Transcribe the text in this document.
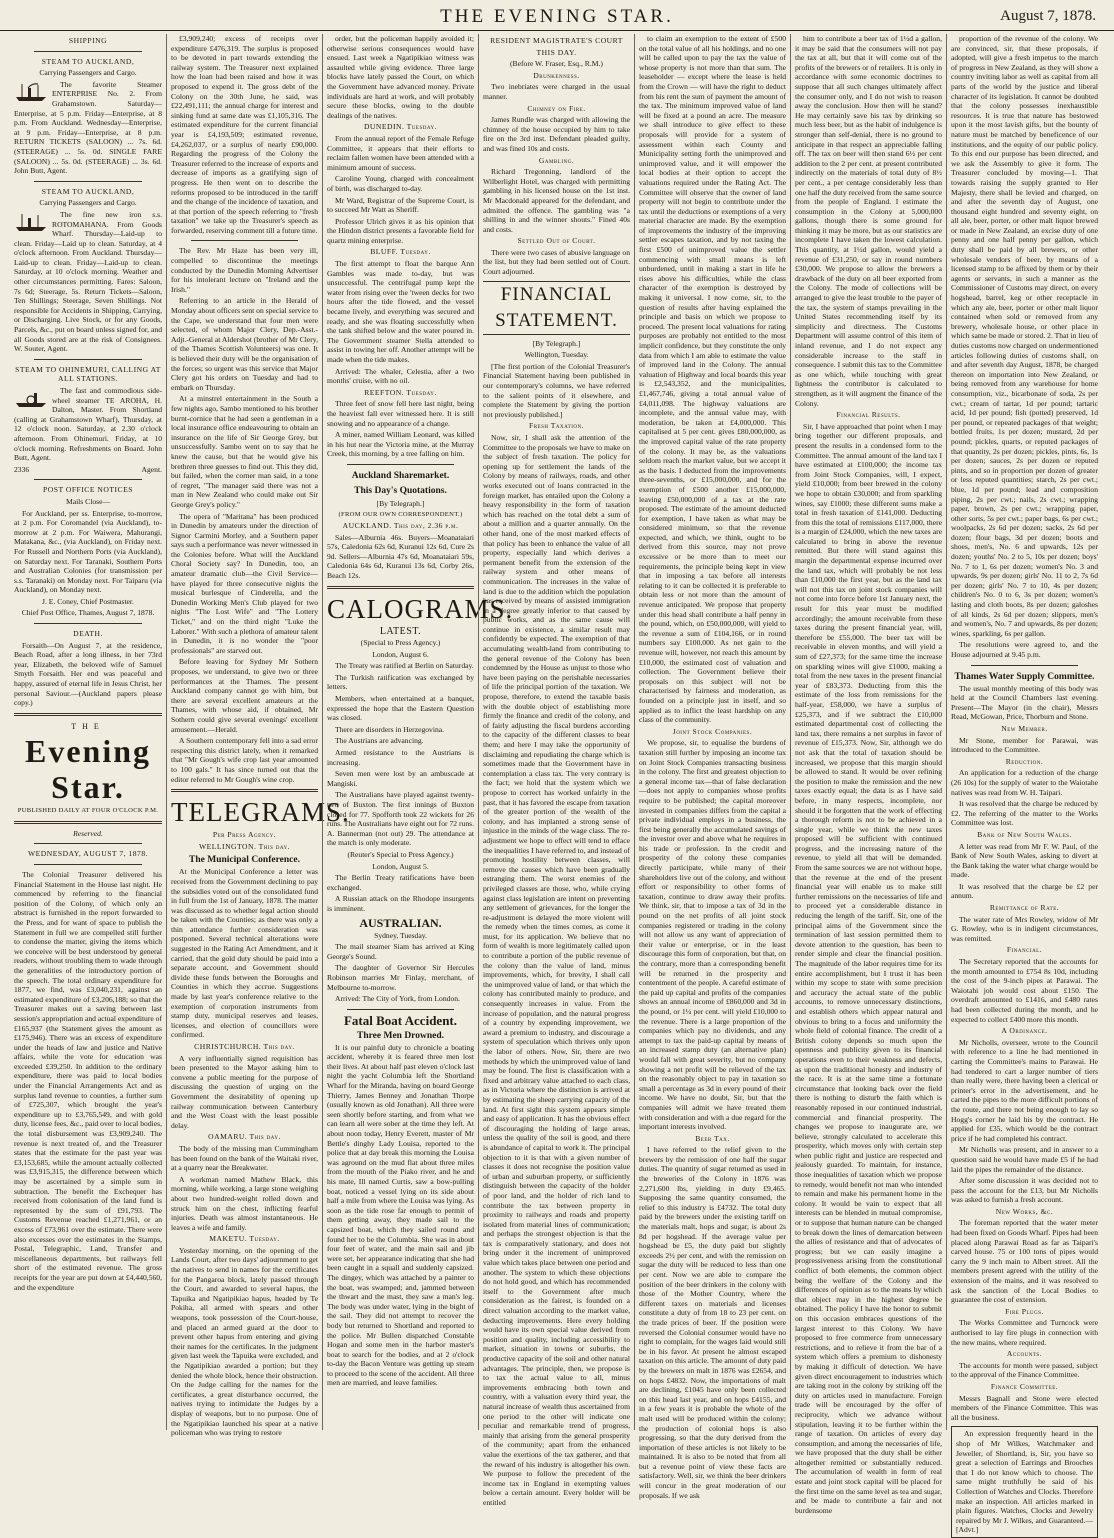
THE EVENING STAR.	August 7, 1878.
SHIPPING
STEAM TO AUCKLAND,
Carrying Passengers and Cargo.

The favorite Steamer ENTERPRISE No. 2. From Grahamstown. Saturday—Enterprise, at 5 p.m. Friday—Enterprise, at 8 p.m. From Auckland. Wednesday—Enterprise, at 9 p.m. Friday—Enterprise, at 8 p.m. RETURN TICKETS (SALOON) ... 7s. 6d. (STEERAGE) ... 5s. 0d. SINGLE FARE (SALOON) ... 5s. 0d. (STEERAGE) ... 3s. 6d. John Butt, Agent.

STEAM TO AUCKLAND,
Carrying Passengers and Cargo.

The fine new iron s.s. ROTOMAHANA. From Goods Wharf. Thursday—Laid-up to clean. Friday—Laid up to clean. Saturday, at 4 o'clock afternoon. From Auckland. Thursday—Laid-up to clean. Friday—Laid-up to clean. Saturday, at 10 o'clock morning. Weather and other circumstances permitting. Fares: Saloon, 7s 6d; Steerage, 5s. Return Tickets—Saloon, Ten Shillings; Steerage, Seven Shillings. Not responsible for Accidents in Shipping, Carrying, or Discharging. Live Stock, or for any Goods, Parcels, &c., put on board unless signed for, and all Goods stored are at the risk of Consignees. W. Souter, Agent.

STEAM TO OHINEMURI, CALLING AT ALL STATIONS.

The fast and commodious side-wheel steamer TE AROHA, H. Dalton, Master. From Shortland (calling at Grahamstown Wharf), Thursday, at 12 o'clock noon. Saturday, at 2.30 o'clock afternoon. From Ohinemuri. Friday, at 10 o'clock morning. Refreshments on Board. John Butt, Agent.

2336	Agent.
POST OFFICE NOTICES
Mails Close—

For Auckland, per ss. Enterprise, to-morrow, at 2 p.m. For Coromandel (via Auckland), to-morrow at 2 p.m. For Waiwera, Mahurangi, Matakana, &c., (via Auckland), on Friday next. For Russell and Northern Ports (via Auckland), on Saturday next. For Taranaki, Southern Ports and Australian Colonies (for transmission per s.s. Taranaki) on Monday next. For Taiparu (via Auckland), on Monday next.

J. E. Coney, Chief Postmaster.
Chief Post Office, Thames, August 7, 1878.
DEATH.

Forsaith—On August 7, at the residence, Beach Road, after a long illness, in her 73rd year, Elizabeth, the beloved wife of Samuel Smyth Forsaith. Her end was peaceful and happy, assured of eternal life in Jesus Christ, her personal Saviour.—(Auckland papers please copy.)

THE
Evening Star.
PUBLISHED DAILY AT FOUR O'CLOCK P.M.
Reserved.
WEDNESDAY, AUGUST 7, 1878.

The Colonial Treasurer delivered his Financial Statement in the House last night. He commenced by referring to the financial position of the Colony, of which only an abstract is furnished in the report forwarded to the Press, and for want of space to publish the Statement in full we are compelled still further to condense the matter, giving the items which we conceive will be best understood by general readers, without troubling them to wade through the generalities of the introductory portion of the speech. The total ordinary expenditure for 1877, we find, was £3,040,231, against an estimated expenditure of £3,206,188; so that the Treasurer makes out a saving between last session's appropriation and actual expenditure of £165,937 (the Statement gives the amount as £175,946). There was an excess of expenditure under the heads of law and justice and Native affairs, while the vote for education was exceeded £39,250. In addition to the ordinary expenditure, there was paid to local bodies under the Financial Arrangements Act and as surplus land revenue to counties, a further sum of £725,307, which brought the year's expenditure up to £3,765,549, and with gold duty, license fees, &c., paid over to local bodies, the total disbursement was £3,909,240. The revenue is next treated of, and the Treasurer states that the estimate for the past year was £3,153,685, while the amount actually collected was £3,915,315, the difference between which may be ascertained by a simple sum in subtraction. The benefit the Exchequer has received from colonisation of the land fund is represented by the sum of £91,793. The Customs Revenue reached £1,271,961, or an excess of £73,961 over the estimate. There were also excesses over the estimates in the Stamps, Postal, Telegraphic, Land, Transfer and miscellaneous departments, but railways fell short of the estimated revenue. The gross receipts for the year are put down at £4,440,560, and the expenditure

£3,909,240; excess of receipts over expenditure £476,319. The surplus is proposed to be devoted in part towards extending the railway system. The Treasurer next explained how the loan had been raised and how it was proposed to expend it. The gross debt of the Colony on the 30th June, he said, was £22,491,111; the annual charge for interest and sinking fund at same date was £1,105,316. The estimated expenditure for the current financial year is £4,193,509; estimated revenue, £4,262,037, or a surplus of nearly £90,000. Regarding the progress of the Colony the Treasurer referred to the increase of exports and decrease of imports as a gratifying sign of progress. He then went on to describe the reforms proposed to be introduced in the tariff and the change of the incidence of taxation, and at that portion of the speech referring to "fresh taxation" we take up the Treasurer's speech as forwarded, reserving comment till a future time.

The Rev. Mr Haze has been very ill, compelled to discontinue the meetings conducted by the Dunedin Morning Advertiser for his intolerant lecture on "Ireland and the Irish."

Referring to an article in the Herald of Monday about officers sent on special service to the Cape, we understand that four men were selected, of whom Major Clery, Dep.-Asst.-Adjt.-General at Aldershot (brother of Mr Clery, of the Thames Scottish Volunteers) was one. It is believed their duty will be the organisation of the forces; so urgent was this service that Major Clery got his orders on Tuesday and had to embark on Thursday.

At a minstrel entertainment in the South a few nights ago, Sambo mentioned to his brother burnt-cornice that he had seen a gentleman in a local insurance office endeavouring to obtain an insurance on the life of Sir George Grey, but unsuccessfully. Sambo went on to say that he knew the cause, but that he would give his brethren three guesses to find out. This they did, but failed, when the corner man said, in a tone of regret, "The manager said there was not a man in New Zealand who could make out Sir George Grey's policy."

The opera of "Maritana" has been produced in Dunedin by amateurs under the direction of Signor Carmini Morley, and a Southern paper says such a performance was never witnessed in the Colonies before. What will the Auckland Choral Society say? In Dunedin, too, an amateur dramatic club—the Civil Service—have played for three consecutive nights the musical burlesque of Cinderella, and the Dunedin Working Men's Club played for two nights "The Lost Wife" and "The Lottery Ticket," and on the third night "Luke the Laborer." With such a plethora of amateur talent in Dunedin, it is no wonder the "poor professionals" are starved out.

Before leaving for Sydney Mr Sothern proposes, we understand, to give two or three performances at the Thames. The present Auckland company cannot go with him, but there are several excellent amateurs at the Thames, with whose aid, if obtained, Mr Sothern could give several evenings' excellent amusement.—Herald.

A Southern contemporary fell into a sad error respecting this district lately, when it remarked that "Mr Gough's wife crop last year amounted to 100 gals." It has since turned out that the editor referred to Mr Gough's wine crop.

TELEGRAMS.
Per Press Agency.
WELLINGTON. This day.
The Municipal Conference.

At the Municipal Conference a letter was received from the Government declining to pay the subsidies voted out of the consolidated fund in full from the 1st of January, 1878. The matter was discussed as to whether legal action should be taken with the Counties; as there was only a thin attendance further consideration was postponed. Several technical alterations were suggested in the Rating Act Amendment, and it carried, that the gold duty should be paid into a separate account, and Government should divide these funds between the Boroughs and Counties in which they accrue. Suggestions made by last year's conference relative to the exemption of corporation instruments from stamp duty, municipal reserves and leases, licenses, and election of councillors were confirmed.

CHRISTCHURCH. This day.

A very influentially signed requisition has been presented to the Mayor asking him to convene a public meeting for the purpose of discussing the question of urging on the Government the desirability of opening up railway communication between Canterbury and the West Coast with the least possible delay.

OAMARU. This day.

The body of the missing man Cummingham has been found on the bank of the Waitaki river, at a quarry near the Breakwater.

A workman named Mathew Black, this morning, while working, a large stone weighing about two hundred-weight rolled down and struck him on the chest, inflicting fearful injuries. Death was almost instantaneous. He leaves a wife and family.

MAKETU. Tuesday.

Yesterday morning, on the opening of the Lands Court, after two days' adjournment to get the natives to send in names for the certificates for the Pangaroa block, lately passed through the Court, and awarded to several hapus, the Tapuika and Ngatipikiao hapus, headed by Te Pokiha, all armed with spears and other weapons, took possession of the Court-house, and placed an armed guard at the door to prevent other hapus from entering and giving their names for the certificates. In the judgment given last week the Tapuika were excluded, and the Ngatipikiao awarded a portion; but they denied the whole block, hence their obstruction. On the Judge calling for the names for the certificates, a great disturbance occurred, the natives trying to intimidate the Judges by a display of weapons, but to no purpose. One of the Ngatipikiao launched his spear at a native policeman who was trying to restore

order, but the policeman happily avoided it; otherwise serious consequences would have ensued. Last week a Ngatipikiao witness was assaulted while giving evidence. Three large blocks have lately passed the Court, on which the Government have advanced money. Private individuals are hard at work, and will probably secure these blocks, owing to the double dealings of the natives.

DUNEDIN. Tuesday.

From the annual report of the Female Refuge Committee, it appears that their efforts to reclaim fallen women have been attended with a minimum amount of success.

Caroline Young, charged with concealment of birth, was discharged to-day.

Mr Ward, Registrar of the Supreme Court, is to succeed Mr Watt as Sheriff.

Professor Ulrich gives it as his opinion that the Hindon district presents a favorable field for quartz mining enterprise.

BLUFF. Tuesday.

The first attempt to float the barque Ann Gambles was made to-day, but was unsuccessful. The centrifugal pump kept the water from rising over the 'tween decks for two hours after the tide flowed, and the vessel became lively, and everything was secured and ready, and she was floating successfully when the tank shifted below and the water poured in. The Government steamer Stella attended to assist in towing her off. Another attempt will be made when the tide makes.

Arrived: The whaler, Celestia, after a two months' cruise, with no oil.

REEFTON. Tuesday.

Three feet of snow fell here last night, being the heaviest fall ever witnessed here. It is still snowing and no appearance of a change.

A miner, named William Leonard, was killed in his hut near the Victoria mine, at the Murray Creek, this morning, by a tree falling on him.

Auckland Sharemarket.
This Day's Quotations.
[By Telegraph.]
(FROM OUR OWN CORRESPONDENT.)
AUCKLAND. This day, 2.36 p.m.

Sales—Alburnia 46s. Buyers—Moanataiari 57s, Caledonia 62s 6d, Kuranui 12s 6d, Cure 2s 9d. Sellers—Alburnia 47s 6d, Moanataiari 59s, Caledonia 64s 6d, Kuranui 13s 6d, Corby 26s, Beach 12s.

CALOGRAMS.
LATEST.
(Special to Press Agency.)
London, August 6.

The Treaty was ratified at Berlin on Saturday.

The Turkish ratification was exchanged by letters.

Members, when entertained at a banquet, expressed the hope that the Eastern Question was closed.

There are disorders in Herzegovina.

The Austrians are advancing.

Armed resistance to the Austrians is increasing.

Seven men were lost by an ambuscade at Mangiski.

The Australians have played against twenty-two of Buxton. The first innings of Buxton closed for 77. Spofforth took 22 wickets for 26 runs. The Australians have eight out for 72 runs. A. Bannerman (not out) 29. The attendance at the match is only moderate.

(Reuter's Special to Press Agency.)
London, August 5.

The Berlin Treaty ratifications have been exchanged.

A Russian attack on the Rhodope insurgents is imminent.

AUSTRALIAN.
Sydney, Tuesday.

The mail steamer Siam has arrived at King George's Sound.

The daughter of Governor Sir Hercules Robinson marries Mr Finlay, merchant, of Melbourne to-morrow.

Arrived: The City of York, from London.

Fatal Boat Accident.
Three Men Drowned.

It is our painful duty to chronicle a boating accident, whereby it is feared three men lost their lives. At about half past eleven o'clock last night the yacht Columbia left the Shortland Wharf for the Miranda, having on board George Thierry, James Benney and Jonathan Thorpe (usually known as old Jonathan). All three were seen shortly before starting, and from what we can learn all were sober at the time they left. At about noon today, Henry Everett, master of Mr Bettle's dinghy Lady Louisa, reported to the police that at day break this morning the Louisa was aground on the mud flat about three miles from the mouth of the Piako river, and he and his mate, Ill named Curtis, saw a bow-pulling boat, noticed a vessel lying on its side about half a mile from where the Louisa was lying. As soon as the tide rose far enough to permit of them getting away, they made sail to the capsized boat, which they sailed round and found her to be the Columbia. She was in about four feet of water, and the main sail and jib were set, her appearance indicating that she had been caught in a squall and suddenly capsized. The dingey, which was attached by a painter to the boat, was swamped; and, jammed between the thwart and the mast, they saw a man's leg. The body was under water, lying in the bight of the sail. They did not attempt to recover the body but returned to Shortland and reported to the police. Mr Bullen dispatched Constable Hogan and some men in the harbor master's boat to search for the bodies, and at 2 o'clock to-day the Bacon Venture was getting up steam to proceed to the scene of the accident. All three men are married, and leave families.

RESIDENT MAGISTRATE'S COURT
THIS DAY.
(Before W. Fraser, Esq., R.M.)
Drunkenness.

Two inebriates were charged in the usual manner.

Chimney on Fire.

James Rundle was charged with allowing the chimney of the house occupied by him to take fire on the 3rd inst. Defendant pleaded guilty, and was fined 10s and costs.

Gambling.

Richard Tregonning, landlord of the Wilberlight Hotel, was charged with permitting gambling in his licensed house on the 1st inst. Mr Macdonald appeared for the defendant, and admitted the offence. The gambling was "a shilling in and the winner shouts." Fined 40s and costs.

Settled Out of Court.

There were two cases of abusive language on the list, but they had been settled out of Court. Court adjourned.

FINANCIAL STATEMENT.
[By Telegraph.]
Wellington, Tuesday.

[The first portion of the Colonial Treasurer's Financial Statement having been published in our contemporary's columns, we have referred to the salient points of it elsewhere, and complete the Statement by giving the portion not previously published.]

Fresh Taxation.

Now, sir, I shall ask the attention of the Committee to the proposals we have to make on the subject of fresh taxation. The policy for opening up for settlement the lands of the Colony by means of railways, roads, and other works executed out of loans contracted in the foreign market, has entailed upon the Colony a heavy responsibility in the form of taxation which has reached on the total debt a sum of about a million and a quarter annually. On the other hand, one of the most marked effects of that policy has been to enhance the value of all property, especially land which derives a permanent benefit from the extension of the railway system and other means of communication. The increases in the value of land is due to the addition which the population has received by means of assisted immigration in a degree greatly inferior to that caused by public works, and as the same cause will continue in existence, a similar result may confidently be expected. The exemption of that accumulating wealth-land from contributing to the general revenue of the Colony has been condemned by the House as unjust to those who have been paying on the perishable necessaries of life the principal portion of the taxation. We propose, therefore, to extend the taxable basis with the double object of establishing more firmly the finance and credit of the colony, and of fairly adjusting the fiscal burdens according to the capacity of the different classes to bear them; and here I may take the opportunity of disclaiming and repudiating the charge which is sometimes made that the Government have in contemplation a class tax. The very contrary is the fact; we hold that the system which we propose to correct has worked unfairly in the past, that it has favored the escape from taxation of the greater portion of the wealth of the colony, and has implanted a strong sense of injustice in the minds of the wage class. The re-adjustment we hope to effect will tend to efface the inequalities I have referred to, and instead of promoting hostility between classes, will remove the causes which have been gradually estranging them. The worst enemies of the privileged classes are those, who, while crying against class legislation are intent on preventing any settlement of grievances, for the longer the re-adjustment is delayed the more violent will the remedy when the times comes, as come it must, for its application. We believe that no form of wealth is more legitimately called upon to contribute a portion of the public revenue of the colony than the value of land, minus improvements, which, for brevity, I shall call the unimproved value of land, or that which the colony has contributed mainly to produce, and consequently increases in value. From the increase of population, and the natural progress of a country by expending improvement, we award a premium to industry, and discourage a system of speculation which thrives only upon the labor of others. Now, Sir, there are two methods by which the unimproved value of land may be found. The first is classification with a fixed and arbitrary value attached to each class, as in Victoria where the distinction is arrived at by estimating the sheep carrying capacity of the land. At first sight this system appears simple and easy of application. It has the obvious effect of discouraging the holding of large areas, unless the quality of the soil is good, and there is abundance of capital to work it. The principal objection to it is that with a given number of classes it does not recognise the position value of urban and suburban property, or sufficiently distinguish between the capacity of the holder of poor land, and the holder of rich land to contribute the tax between property in proximity to railways and roads and property isolated from material lines of communication; and perhaps the strongest objection is that the tax is comparatively stationary, and does not bring under it the increment of unimproved value which takes place between one period and another. The system to which these objections do not hold good, and which has recommended itself to the Government after much consideration as the fairest, is founded on a direct valuation according to the market value, deducting improvements. Here every holding would have its own special value derived from position and quality, including accessibility to market, situation in towns or suburbs, the productive capacity of the soil and other natural advantages. The principle, then, we propose is to tax the actual value to all, minus improvements embracing both town and country, with a valuation every third year, the natural increase of wealth thus ascertained from one period to the other will indicate one peculiar and remarkable trend of progress, mainly that arising from the general prosperity of the community; apart from the enhanced value the exertions of the tax gatherer, and that the reward of his industry is altogether his own. We purpose to follow the precedent of the income tax in England in exempting values below a certain amount. Every holder will be entitled

to claim an exemption to the extent of £500 on the total value of all his holdings, and no one will be called upon to pay the tax the value of whose property is not more than that sum. The leaseholder — except where the lease is held from the Crown — will have the right to deduct from his rent the sum of payment the amount of the tax. The minimum improved value of land will be fixed at a pound an acre. The measure we shall introduce to give effect to these proposals will provide for a system of assessment within each County and Municipality setting forth the unimproved and unimproved value, and it will empower the local bodies at their option to accept the valuations required under the Rating Act. The Committee will observe that the owner of land property will not begin to contribute under the tax until the deductions or exemptions of a very material character are made. By the exemption of improvements the industry of the improving settler escapes taxation, and by not taxing the first £500 of unimproved value the settler commencing with small means is left unburdened, until in making a start in life he rises above his difficulties, while the class character of the exemption is destroyed by making it universal. I now come, sir, to the question of results after having explained the principle and basis on which we propose to proceed. The present local valuations for rating purposes are probably not entitled to the most implicit confidence, but they constitute the only data from which I am able to estimate the value of improved land in the Colony. The annual valuation of Highway and local boards this year is £2,543,352, and the municipalities, £1,467,746, giving a total annual value of £4,011,098. The highway valuations are incomplete, and the annual value may, with moderation, be taken at £4,000,000. This capitalised at 5 per cent. gives £80,000,000, as the improved capital value of the rate property of the colony. It may be, as the valuations seldom reach the market value, but we accept it as the basis. I deducted from the improvements three-sevenths, or £15,000,000, and for the exemption of £500 another £15,000,000, leaving £50,000,000 of a tax at the rate proposed. The estimate of the amount deducted for exemption, I have taken as what may be considered minimum, so that the revenue expected, and which, we think, ought to be derived from this source, may not prove excessive or be more than to meet our requirements, the principle being kept in view that in imposing a tax before all interests relating to it can be collected it is preferable to obtain less or not more than the amount of revenue anticipated. We propose that property under this head shall contribute a half penny in the pound, which, on £50,000,000, will yield to the revenue a sum of £104,166, or in round numbers say £100,000. As net gain to the revenue will, however, not reach this amount by £10,000, the estimated cost of valuation and collection. The Government believe their proposals on this subject will not be characterised by fairness and moderation, as founded on a principle just in itself, and so applied as to inflict the least hardship on any class of the community.

Joint Stock Companies.

We propose, sir, to equalise the burdens of taxation still further by imposing an income tax on Joint Stock Companies transacting business in the colony. The first and greatest objection to a general income tax—that of false declaration—does not apply to companies whose profits require to be published; the capital moreover invested in companies differs from the capital a private individual employs in a business, the first being generally the accumulated savings of the investor over and above what he requires in his trade or profession. In the credit and prosperity of the colony these companies directly participate, while many of their shareholders live out of the colony, and without effort or responsibility to other forms of taxation, continue to draw away their profits. We think, sir, that to impose a tax of 3d in the pound on the net profits of all joint stock companies registered or trading in the colony will not allow us any want of appreciation of their value or enterprise, or in the least discourage this form of corporation, but that, on the contrary, more than a corresponding benefit will be returned in the prosperity and contentment of the people. A careful estimate of the paid up capital and profits of the companies shows an annual income of £860,000 and 3d in the pound, or 1¼ per cent. will yield £10,000 to the revenue. There is a large proportion of the companies which pay no dividends, and any attempt to tax the paid-up capital by means of an increased stamp duty (an alternative plan) would fall with great severity, but no company showing a net profit will be relieved of the tax on the reasonably object to pay in taxation so small a percentage as 3d in every pound of their income. We have no doubt, Sir, but that the companies will admit we have treated them with consideration and with a due regard for the important interests involved.

Beer Tax.

I have referred to the relief given to the brewers by the remission of one half the sugar duties. The quantity of sugar returned as used in the breweries of the Colony in 1876 was 2,271,600 lbs, yielding in duty £9,465. Supposing the same quantity consumed, the relief to this industry is £4732. The total duty paid by the brewers under the existing tariff on the materials malt, hops and sugar, is about 2s 8d per hogshead. If the average value per hogshead be £5, the duty paid but slightly exceeds 2½ per cent, and with the remission on sugar the duty will be reduced to less than one per cent. Now we are able to compare the position of the beer drinkers in the colony with those of the Mother Country, where the different taxes on materials and licenses constitute a duty of from 18 to 23 per cent. on the trade prices of beer. If the position were reversed the Colonial consumer would have no right to complain, for the wages laid would still be in his favor. At present he almost escaped taxation on this article. The amount of duty paid by the brewers on malt in 1876 was £2654, and on hops £4832. Now, the importations of malt are declining, £1045 have only been collected on this head last year, and on hops £4155, and in a few years it is probable the whole of the malt used will be produced within the colony; the production of colonial hops is also progressing, so that the duty derived from the importation of these articles is not likely to be maintained. It is also to be noted that from all but a revenue point of view these facts are satisfactory. Well, sir, we think the beer drinkers will concur in the great moderation of our proposals. If we ask

him to contribute a beer tax of 1½d a gallon, it may be said that the consumers will not pay the tax at all, but that it will come out of the profits of the brewers or of retailers. It is only in accordance with some economic doctrines to suppose that all such changes ultimately affect the consumer only, and I do not wish to reason away the conclusion. How then will he stand? He may certainly save his tax by drinking so much less beer, but as the habit of indulgence is stronger than self-denial, there is no ground to anticipate in that respect an appreciable falling off. The tax on beer will then stand 6½ per cent addition to the 2 per cent. at present contributed indirectly on the materials of total duty of 8½ per cent., a per centage considerably less than one half the duty received from the same source from the people of England. I estimate the consumption in the Colony at 5,000,000 gallons, though there is some ground for thinking it may be more, but as our statistics are incomplete I have taken the lowest calculation. This quantity, at 1½d gallon, would yield a revenue of £31,250, or say in round numbers £30,000. We propose to allow the brewers a drawback of the duty on all beer exported from the Colony. The mode of collections will be arranged to give the least trouble to the payer of the tax, the system of stamps prevailing in the United States recommending itself by its simplicity and directness. The Customs Department will assume control of this item of inland revenue, and I do not expect any considerable increase to the staff in consequence. I submit this tax to the Committee as one which, while touching with great lightness the contributor is calculated to strengthen, as it will augment the finance of the Colony.

Financial Results.

Sir, I have approached that point when I may bring together our different proposals, and present the results in a condensed form to the Committee. The annual amount of the land tax I have estimated at £100,000; the income tax from Joint Stock Companies, will, I expect, yield £10,000; from beer brewed in the colony we hope to obtain £30,000; and from sparkling wines, say £1000; these different sums make a total in fresh taxation of £141,000. Deducting from this the total of remissions £117,000, there is a margin of £24,000, which the new taxes are calculated to bring in above the revenue remitted. But there will stand against this margin the departmental expense incurred over the land tax, which will probably be not less than £10,000 the first year, but as the land tax will not this tax on joint stock companies will not come into force before 1st January next, the result for this year must be modified accordingly; the amount receivable from these taxes during the present financial year, will, therefore be £55,000. The beer tax will be receivable in eleven months, and will yield a sum of £27,373; for the same time the increase on sparkling wines will give £1000, making a total from the new taxes in the present financial year of £83,373. Deducting from this the estimate of the loss from remissions for the half-year, £58,000, we have a surplus of £25,373, and if we subtract the £10,000 estimated departmental cost of collecting the land tax, there remains a net surplus in favor of revenue of £15,373. Now, Sir, although we do not ask that the total of taxation should be increased, we propose that this margin should be allowed to stand. It would be over refining the position to make the remission and the new taxes exactly equal; the data is as I have said before, in many respects, incomplete, nor should it be forgotten that the work of effecting a thorough reform is not to be achieved in a single year, while we think the new taxes proposed will be sufficient with continued progress, and the increasing nature of the revenue, to yield all that will be demanded. From the same sources we are not without hope, that the revenue at the end of the present financial year will enable us to make still further remissions on the necessaries of life and to proceed yet a considerable distance in reducing the length of the tariff. Sir, one of the principal aims of the Government since the termination of last session permitted them to devote attention to the question, has been to render simple and clear the financial position. The magnitude of the labor requires time for its entire accomplishment, but I trust it has been within my scope to state with some precision and accuracy the actual state of the public accounts, to remove unnecessary distinctions, and establish others which appear natural and obvious to bring to a focus and uniformity the whole field of colonial finance. The credit of a British colony depends so much upon the openness and publicity given to its financial operations even to their weakness and defects, as upon the traditional honesty and industry of the race. It is at the same time a fortunate circumstance that looking back over the field there is nothing to disturb the faith which is reasonably reposed in our continued industrial, commercial and financial prosperity. The changes we propose to inaugurate are, we believe, strongly calculated to accelerate this prosperity, which moves only with certain step when public right and justice are respected and jealously guarded. To maintain, for instance, those inequalities of taxation which we propose to remedy, would benefit not man who intended to remain and make his permanent home in the colony. It would be vain to expect that all interests can be blended in mutual compromise, or to suppose that human nature can be changed to break down the lines of demarcation between the allies of resistance and that of advocates of progress; but we can easily imagine a progressiveness arising from the constitutional conflict of both elements, the common object being the welfare of the Colony and the differences of opinion as to the means by which that object may in the highest degree be obtained. The policy I have the honor to submit on this occasion embraces questions of the largest interest to this Colony. We have proposed to free commerce from unnecessary restrictions, and to relieve it from the bar of a system which offers a premium to dishonesty by making it difficult of detection. We have given direct encouragement to industries which are taking root in the colony by striking off the duty on articles used in manufacture. Foreign trade will be encouraged by the offer of reciprocity, which we advance without stipulation, leaving it to be further within the range of taxation. On articles of every day consumption, and among the necessaries of life, we have proposed that the duty shall be either altogether remitted or substantially reduced. The accumulation of wealth in form of real estate and joint stock capital will be placed for the first time on the same level as tea and sugar, and be made to contribute a fair and not burdensome

proportion of the revenue of the colony. We are convinced, sir, that these proposals, if adopted, will give a fresh impetus to the march of progress in New Zealand, as they will show a country inviting labor as well as capital from all parts of the world by the justice and liberal character of its legislation. It cannot be doubted that the colony possesses inexhaustible resources. It is true that nature has bestowed upon it the most lavish gifts, but the bounty of nature must be matched by beneficence of our institutions, and the equity of our public policy. To this end our purpose has been directed, and we ask the Assembly to give it form. The Treasurer concluded by moving—1. That towards raising the supply granted to Her Majesty, there shall be levied and charged, on and after the seventh day of August, one thousand eight hundred and seventy eight, on all ale, beer, porter, or other malt liquor brewed or made in New Zealand, an excise duty of one penny and one half penny per gallon, which duty shall be paid by all brewers, or other wholesale vendors of beer, by means of a licensed stamp to be affixed by them or by their agents or servants, in such a manner as the Commissioner of Customs may direct, on every hogshead, barrel, keg or other receptacle in which any ale, beer, porter or other malt liquor contained when sold or removed from any brewery, wholesale house, or other place in which same be made or stored. 2. That in lieu of duties customs now charged on undermentioned articles following duties of customs shall, on and after seventh day August, 1878, be charged thereon on importation into New Zealand, or being removed from any warehouse for home consumption, viz., bicarbonate of soda, 2s per cwt.; cream of tartar, 1d per pound; tartaric acid, 1d per pound; fish (potted) preserved, 1d per pound, or repeated packages of that weight; bottled fruits, 1s per dozen; mustard, 2d per pound; pickles, quarts, or reputed packages of that quantity, 2s per dozen; pickles, pints, 6s, 1s per dozen; sauces, 2s per dozen or reputed pints, and so in proportion per dozen of greater or less reputed quantities; starch, 2s per cwt.; blue, 1d per pound; lead and composition piping, 2s per cwt.; nails, 2s cwt.; wrapping paper, brown, 2s per cwt.; wrapping paper, other sorts, 5s per cwt.; paper bags, 6s per cwt.; woolpacks, 2s 6d per dozen; sacks, 2s 6d per dozen; flour bags, 3d per dozen; boots and shoes, men's, No. 6 and upwards, 12s per dozen; youths' No. 2 to 5, 10s per dozen; boys' No. 7 to 1, 6s per dozen; women's No. 3 and upwards, 9s per dozen; girls' No. 11 to 2, 7s 6d per dozen; girls' No. 7 to 10, 4s per dozen; children's No. 0 to 6, 3s per dozen; women's lasting and cloth boots, 8s per dozen; galoshes of all kinds, 2s 6d per dozen; slippers, men's and women's, No. 7 and upwards, 8s per dozen; wines, sparkling, 6s per gallon.

The resolutions were agreed to, and the House adjourned at 9.45 p.m.

Thames Water Supply Committee.

The usual monthly meeting of this body was held at the Council Chambers last evening. Present—The Mayor (in the chair), Messrs Read, McGowan, Price, Thorburn and Stone.

New Member.

Mr Stone, member for Parawai, was introduced to the Committee.

Reduction.

An application for a reduction of the charge (26 10s) for the supply of water to the Waiotahe natives was read from W. H. Taipari.

It was resolved that the charge be reduced by £2. The referring of the matter to the Works Committee was lost.

Bank of New South Wales.

A letter was read from Mr F. W. Paul, of the Bank of New South Wales, asking to divert at the Bank taking the water what charge would be made.

It was resolved that the charge be £2 per annum.

Remittance of Rate.

The water rate of Mrs Rowley, widow of Mr G. Rowley, who is in indigent circumstances, was remitted.

Financial.

The Secretary reported that the accounts for the month amounted to £754 8s 10d, including the cost of the 9-inch pipes at Parawai. The Waiotahi job would cost about £150. The overdraft amounted to £1416, and £480 rates had been collected during the month, and he expected to collect £400 more this month.

A Ordinance.

Mr Nicholls, overseer, wrote to the Council with reference to a line he had mentioned in carting the Committee's mains to Parawai. He had tendered to cart a larger number of tiers than really were, there having been a clerical or printer's error in the advertisement, and he carted the pipes to the more difficult portions of the route, and there not being enough to lay so Hogg's corner he laid his by the contract. He applied for £35, which would be the contract price if he had completed his contract.

Mr Nicholls was present, and in answer to a question said he would have made £5 if he had laid the pipes the remainder of the distance.

After some discussion it was decided not to pass the account for the £13, but Mr Nicholls was asked to furnish a fresh account.

New Works, &c.

The foreman reported that the water meter had been fixed on Goods Wharf. Pipes had been placed along Parawai Road as far as Taipari's carved house. 75 or 100 tons of pipes would carry the 9 inch main to Albert street. All the members present agreed with the utility of the extension of the mains, and it was resolved to ask the sanction of the Local Bodies to guarantee the cost of extension.

Fire Plugs.

The Works Committee and Turncock were authorised to lay fire plugs in connection with the new mains, where required.

Accounts.

The accounts for month were passed, subject to the approval of the Finance Committee.

Finance Committee.

Messrs Bagnall and Stone were elected members of the Finance Committee. This was all the business.

An expression frequently heard in the shop of Mr Wilkes, Watchmaker and Jeweller, of Shortland, is, Sir, you have so great a selection of Earrings and Brooches that I do not know which to choose. The same might truthfully be said of his Collection of Watches and Clocks. Therefore make an inspection. All articles marked in plain figures. Watches, Clocks and Jewelry repaired by Mr J. Wilkes, and Guaranteed.—[Advt.]
